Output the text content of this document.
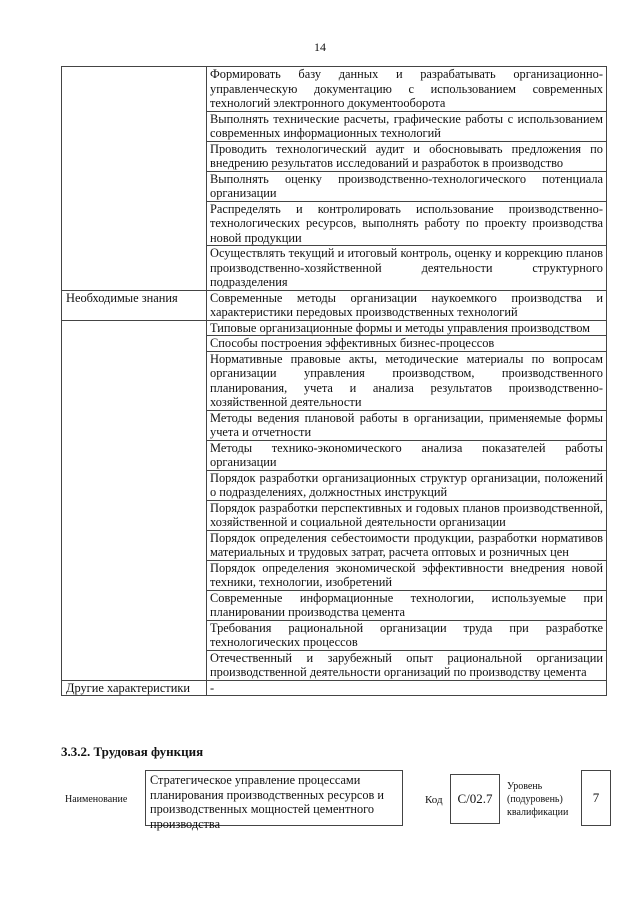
14
	Формировать базу данных и разрабатывать организационно-управленческую документацию с использованием современных технологий электронного документооборота
	Выполнять технические расчеты, графические работы с использованием современных информационных технологий
	Проводить технологический аудит и обосновывать предложения по внедрению результатов исследований и разработок в производство
	Выполнять оценку производственно-технологического потенциала организации
	Распределять и контролировать использование производственно-технологических ресурсов, выполнять работу по проекту производства новой продукции
	Осуществлять текущий и итоговый контроль, оценку и коррекцию планов производственно-хозяйственной деятельности структурного подразделения
Необходимые знания	Современные методы организации наукоемкого производства и характеристики передовых производственных технологий
	Типовые организационные формы и методы управления производством
	Способы построения эффективных бизнес-процессов
	Нормативные правовые акты, методические материалы по вопросам организации управления производством, производственного планирования, учета и анализа результатов производственно-хозяйственной деятельности
	Методы ведения плановой работы в организации, применяемые формы учета и отчетности
	Методы технико-экономического анализа показателей работы организации
	Порядок разработки организационных структур организации, положений о подразделениях, должностных инструкций
	Порядок разработки перспективных и годовых планов производственной, хозяйственной и социальной деятельности организации
	Порядок определения себестоимости продукции, разработки нормативов материальных и трудовых затрат, расчета оптовых и розничных цен
	Порядок определения экономической эффективности внедрения новой техники, технологии, изобретений
	Современные информационные технологии, используемые при планировании производства цемента
	Требования рациональной организации труда при разработке технологических процессов
	Отечественный и зарубежный опыт рациональной организации производственной деятельности организаций по производству цемента
Другие характеристики	-
3.3.2. Трудовая функция
Наименование
Стратегическое управление процессами планирования производственных ресурсов и производственных мощностей цементного производства
Код	C/02.7
Уровень (подуровень) квалификации
7
